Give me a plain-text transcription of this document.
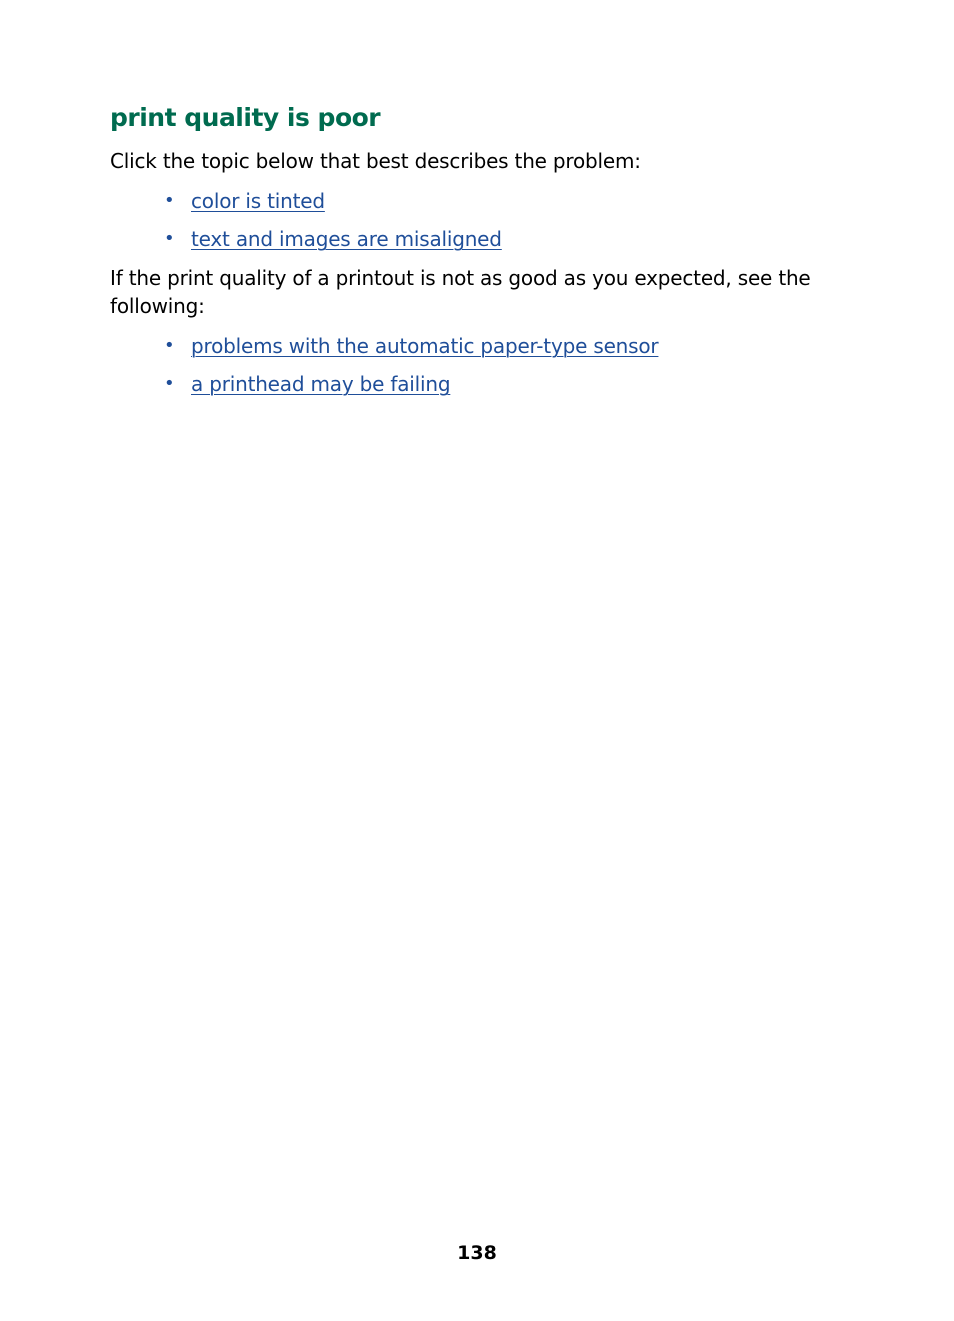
print quality is poor

Click the topic below that best describes the problem:

• color is tinted
• text and images are misaligned

If the print quality of a printout is not as good as you expected, see the following:

• problems with the automatic paper-type sensor
• a printhead may be failing
138
